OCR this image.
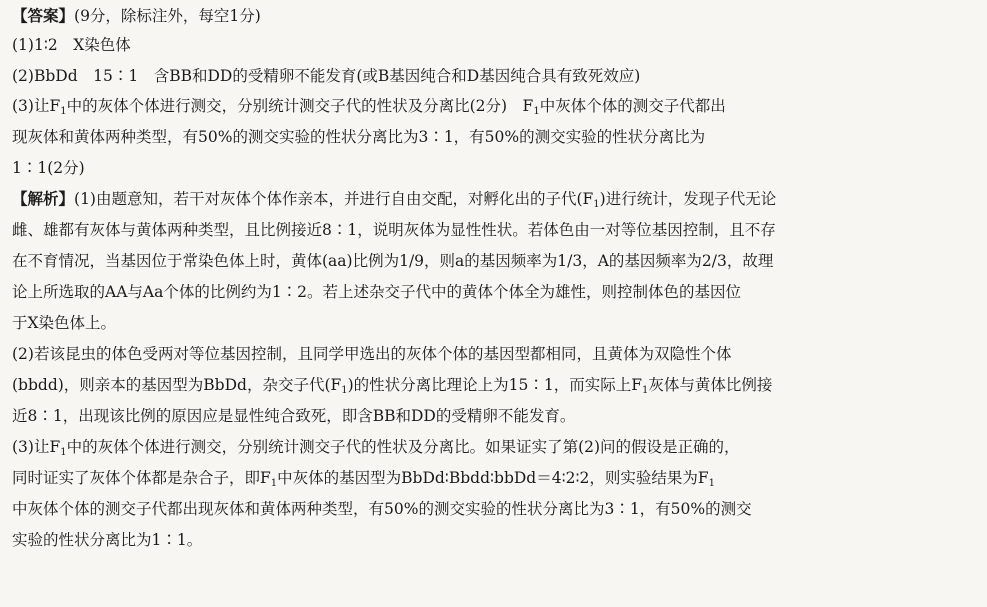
【答案】(9分，除标注外，每空1分)
(1)1∶2　X染色体
(2)BbDd　15∶1　含BB和DD的受精卵不能发育(或B基因纯合和D基因纯合具有致死效应)
(3)让$F_1$中的灰体个体进行测交，分别统计测交子代的性状及分离比(2分)　$F_1$中灰体个体的测交子代都出
现灰体和黄体两种类型，有50%的测交实验的性状分离比为3∶1，有50%的测交实验的性状分离比为
1∶1(2分)
【解析】(1)由题意知，若干对灰体个体作亲本，并进行自由交配，对孵化出的子代$(F_1)$进行统计，发现子代无论
雌、雄都有灰体与黄体两种类型，且比例接近8∶1，说明灰体为显性性状。若体色由一对等位基因控制，且不存
在不育情况，当基因位于常染色体上时，黄体(aa)比例为1/9，则a的基因频率为1/3，A的基因频率为2/3，故理
论上所选取的AA与Aa个体的比例约为1∶2。若上述杂交子代中的黄体个体全为雄性，则控制体色的基因位
于X染色体上。
(2)若该昆虫的体色受两对等位基因控制，且同学甲选出的灰体个体的基因型都相同，且黄体为双隐性个体
(bbdd)，则亲本的基因型为BbDd，杂交子代$(F_1)$的性状分离比理论上为15∶1，而实际上$F_1$灰体与黄体比例接
近8∶1，出现该比例的原因应是显性纯合致死，即含BB和DD的受精卵不能发育。
(3)让$F_1$中的灰体个体进行测交，分别统计测交子代的性状及分离比。如果证实了第(2)问的假设是正确的，
同时证实了灰体个体都是杂合子，即$F_1$中灰体的基因型为BbDd∶Bbdd∶bbDd＝4∶2∶2，则实验结果为$F_1$
中灰体个体的测交子代都出现灰体和黄体两种类型，有50%的测交实验的性状分离比为3∶1，有50%的测交
实验的性状分离比为1∶1。
